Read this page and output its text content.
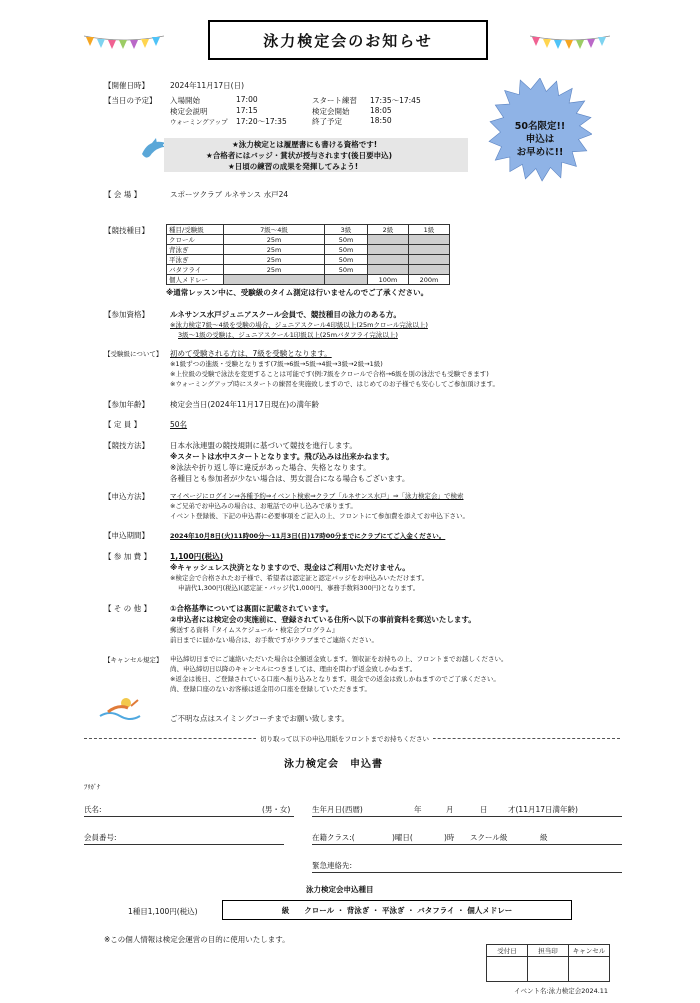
泳力検定会のお知らせ
【開催日時】	2024年11月17日(日)
【当日の予定】 入場開始	17:00	スタート練習 17:35～17:45
検定会説明	17:15	検定会開始	18:05
ウォーミングアップ 17:20～17:35	終了予定	18:50
50名限定!!
申込は
お早めに!!
★泳力検定とは履歴書にも書ける資格です!
★合格者にはバッジ・賞状が授与されます(後日要申込)
★日頃の練習の成果を発揮してみよう!
【 会 場 】	スポーツクラブ ルネサンス 水戸24
【競技種目】	種目/受験級	7級～4級	3級	2級	1級
クロール	25m	50m		
背泳ぎ	25m	50m		
平泳ぎ	25m	50m		
バタフライ	25m	50m		
個人メドレー			100m	200m
※通常レッスン中に、受験級のタイム測定は行いませんのでご了承ください。
【参加資格】	ルネサンス水戸ジュニアスクール会員で、競技種目の泳力のある方。
※泳力検定7級～4級を受験の場合、ジュニアスクール4印級以上(25mクロール完泳以上)
3級～1級の受験は、ジュニアスクール1印級以上(25mバタフライ完泳以上)
【受験級について】 初めて受験される方は、7級を受験となります。
※1級ずつの進級・受験となります(7級→6級→5級→4級→3級→2級→1級)
※上位級の受験で泳法を変更することは可能です(例:7級をクロールで合格→6級を別の泳法でも受験できます)
※ウォーミングアップ時にスタートの練習を実施致しますので、はじめてのお子様でも安心してご参加頂けます。
【参加年齢】	検定会当日(2024年11月17日現在)の満年齢
【 定 員 】	50名
【競技方法】	日本水泳連盟の競技規則に基づいて競技を進行します。
※スタートは水中スタートとなります。飛び込みは出来かねます。
※泳法や折り返し等に違反があった場合、失格となります。
各種目とも参加者が少ない場合は、男女混合になる場合もございます。
【申込方法】	マイページにログイン⇒各種予約⇒イベント検索⇒クラブ「ルネサンス水戸」⇒「泳力検定会」で検索
※ご兄弟でお申込みの場合は、お電話での申し込みで承ります。
イベント登録後、下記の申込書に必要事項をご記入の上、フロントにて参加費を添えてお申込下さい。
【申込期間】	2024年10月8日(火)11時00分～11月3日(日)17時00分までにクラブにてご入金ください。
【 参 加 費 】	1,100円(税込)
※キャッシュレス決済となりますので、現金はご利用いただけません。
※検定会で合格されたお子様で、希望者は認定証と認定バッジをお申込みいただけます。
申請代1,300円(税込)(認定証・バッジ代1,000円、事務手数料300円)となります。
【 そ の 他 】	①合格基準については裏面に記載されています。
②申込者には検定会の実施前に、登録されている住所へ以下の事前資料を郵送いたします。
郵送する資料『タイムスケジュール・検定会プログラム』
前日までに届かない場合は、お手数ですがクラブまでご連絡ください。
【キャンセル規定】 申込締切日までにご連絡いただいた場合は全額返金致します。領収証をお持ちの上、フロントまでお越しください。
尚、申込締切日以降のキャンセルにつきましては、理由を問わず返金致しかねます。
※返金は後日、ご登録されている口座へ振り込みとなります。現金での返金は致しかねますのでご了承ください。
尚、登録口座のないお客様は返金用の口座を登録していただきます。
ご不明な点はスイミングコーチまでお願い致します。
切り取って以下の申込用紙をフロントまでお持ちください
泳力検定会　申込書
ﾌﾘｶﾞﾅ
氏名:	(男・女)	生年月日(西暦)	年	月	日	才(11月17日満年齢)
会員番号:	在籍クラス:(	)曜日(	)時 スクール級	級
緊急連絡先:
泳力検定会申込種目
1種目1,100円(税込)	級　　クロール ・ 背泳ぎ ・ 平泳ぎ ・ バタフライ ・ 個人メドレー
※この個人情報は検定会運営の目的に使用いたします。
受付日	担当印	キャンセル

イベント名:泳力検定会2024.11
